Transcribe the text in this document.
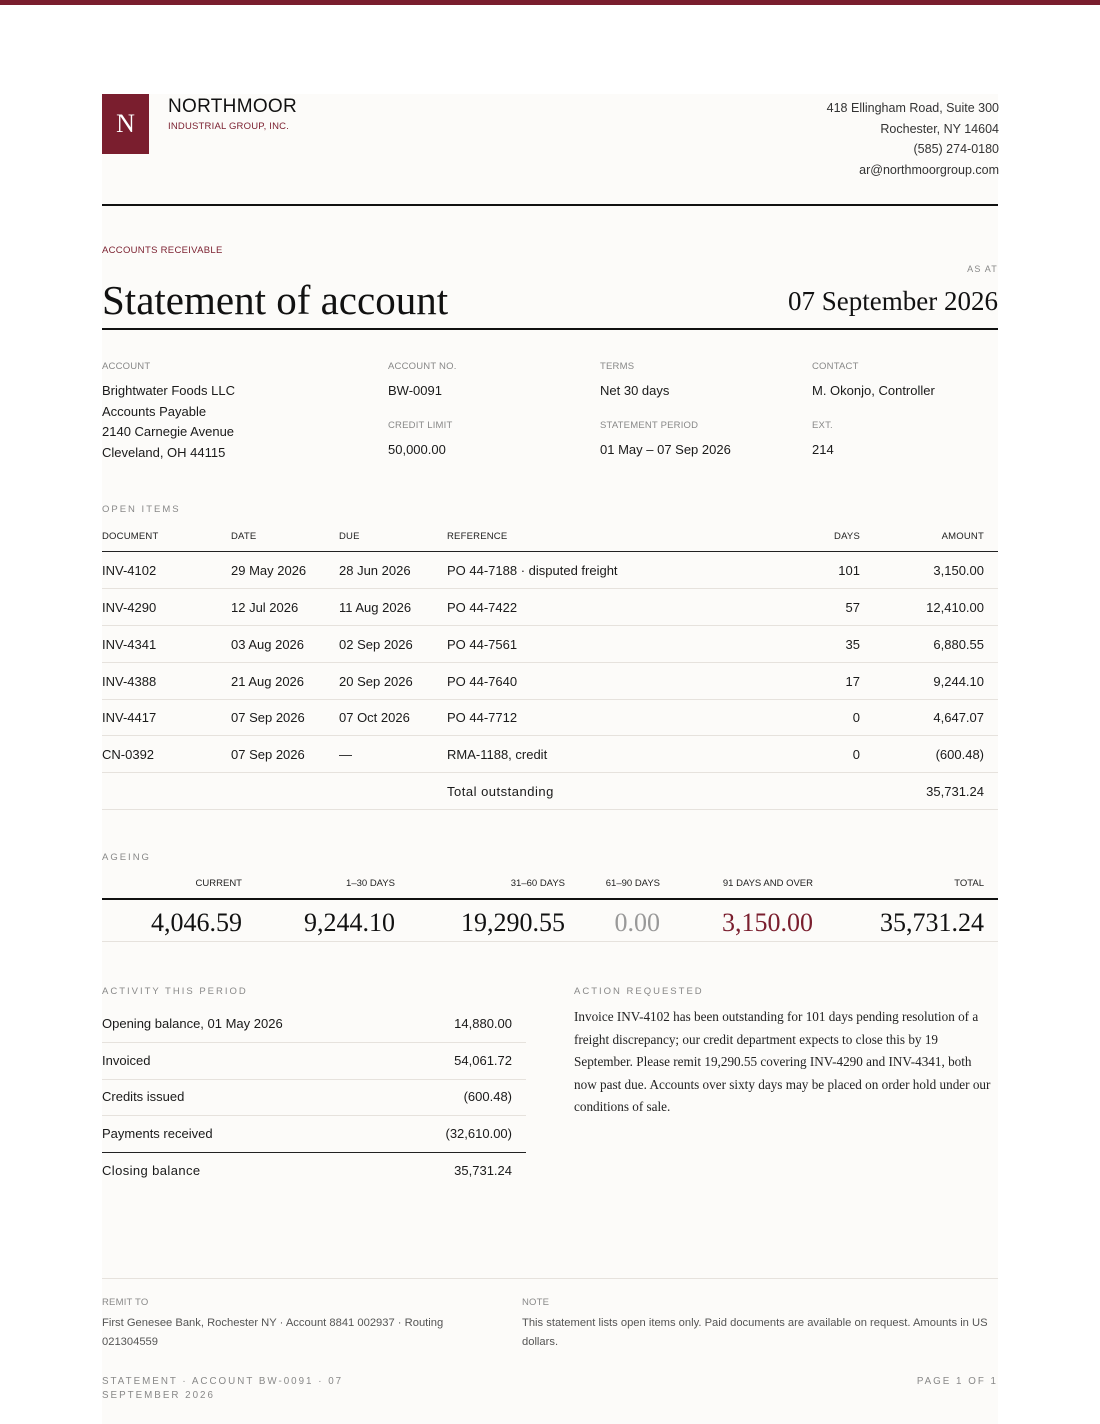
N
NORTHMOOR
INDUSTRIAL GROUP, INC.
418 Ellingham Road, Suite 300
Rochester, NY 14604
(585) 274-0180
ar@northmoorgroup.com
ACCOUNTS RECEIVABLE
Statement of account
AS AT
07 September 2026
ACCOUNT
Brightwater Foods LLC
Accounts Payable
2140 Carnegie Avenue
Cleveland, OH 44115
ACCOUNT NO.
BW-0091
CREDIT LIMIT
50,000.00
TERMS
Net 30 days
STATEMENT PERIOD
01 May – 07 Sep 2026
CONTACT
M. Okonjo, Controller
EXT.
214
OPEN ITEMS
DOCUMENT	DATE	DUE	REFERENCE	DAYS	AMOUNT
INV-4102	29 May 2026	28 Jun 2026	PO 44-7188 · disputed freight	101	3,150.00
INV-4290	12 Jul 2026	11 Aug 2026	PO 44-7422	57	12,410.00
INV-4341	03 Aug 2026	02 Sep 2026	PO 44-7561	35	6,880.55
INV-4388	21 Aug 2026	20 Sep 2026	PO 44-7640	17	9,244.10
INV-4417	07 Sep 2026	07 Oct 2026	PO 44-7712	0	4,647.07
CN-0392	07 Sep 2026	—	RMA-1188, credit	0	(600.48)
Total outstanding	35,731.24
AGEING
CURRENT	1–30 DAYS	31–60 DAYS	61–90 DAYS	91 DAYS AND OVER	TOTAL
4,046.59 9,244.10	19,290.55 0.00 3,150.00	35,731.24
ACTIVITY THIS PERIOD
Opening balance, 01 May 2026	14,880.00
Invoiced	54,061.72
Credits issued	(600.48)
Payments received	(32,610.00)
Closing balance	35,731.24
ACTION REQUESTED
Invoice INV-4102 has been outstanding for 101 days pending resolution of a freight discrepancy; our credit department expects to close this by 19 September. Please remit 19,290.55 covering INV-4290 and INV-4341, both now past due. Accounts over sixty days may be placed on order hold under our conditions of sale.
REMIT TO
First Genesee Bank, Rochester NY · Account 8841 002937 · Routing 021304559
NOTE
This statement lists open items only. Paid documents are available on request. Amounts in US dollars.
STATEMENT · ACCOUNT BW-0091 · 07 SEPTEMBER 2026
PAGE 1 OF 1
